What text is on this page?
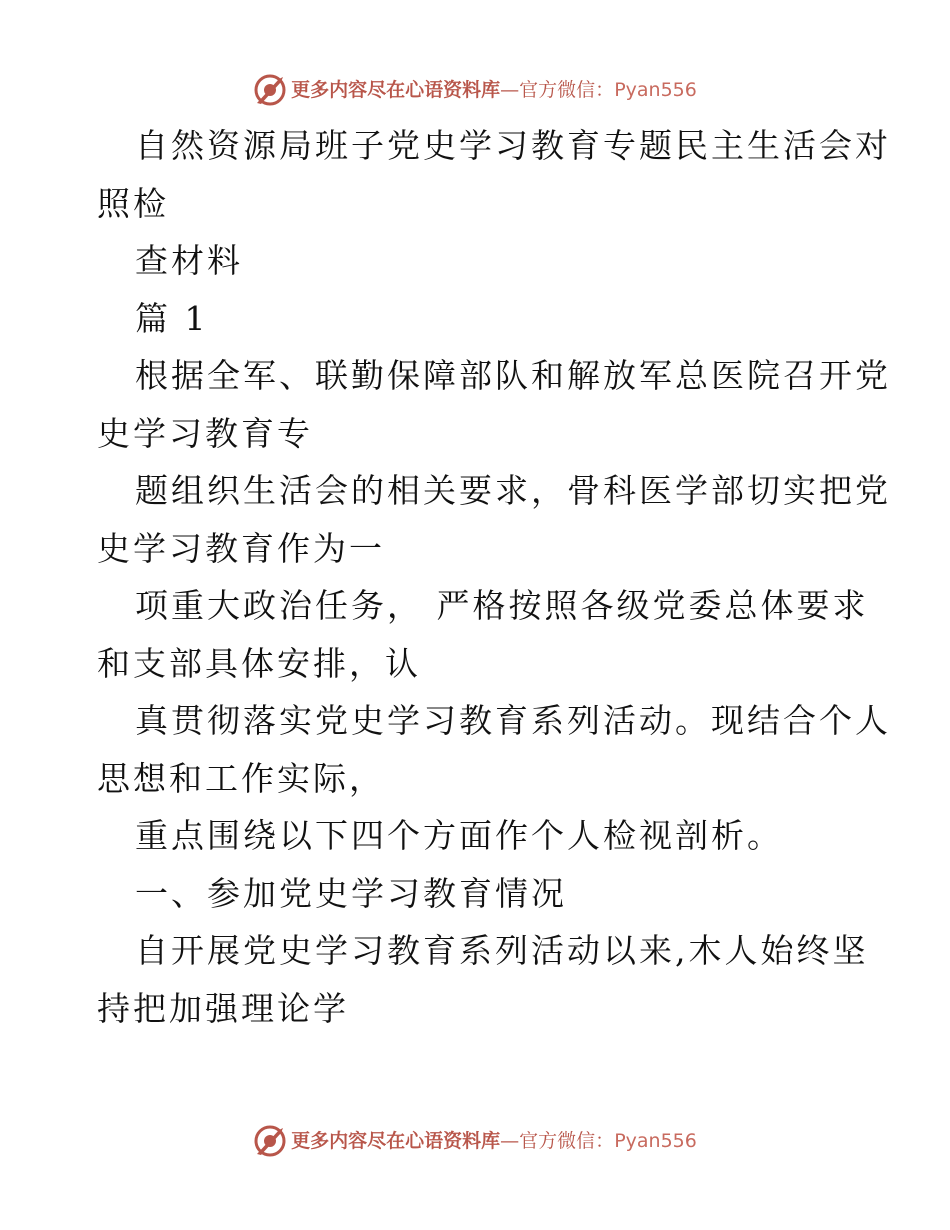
更多内容尽在心语资料库 — 官方微信： Pyan556
自然资源局班子党史学习教育专题民主生活会对
照检
查材料
篇 1
根据全军、联勤保障部队和解放军总医院召开党
史学习教育专
题组织生活会的相关要求，骨科医学部切实把党
史学习教育作为一
项重大政治任务， 严格按照各级党委总体要求
和支部具体安排，认
真贯彻落实党史学习教育系列活动。现结合个人
思想和工作实际，
重点围绕以下四个方面作个人检视剖析。
一、参加党史学习教育情况
自开展党史学习教育系列活动以来,木人始终坚
持把加强理论学
更多内容尽在心语资料库 — 官方微信： Pyan556
